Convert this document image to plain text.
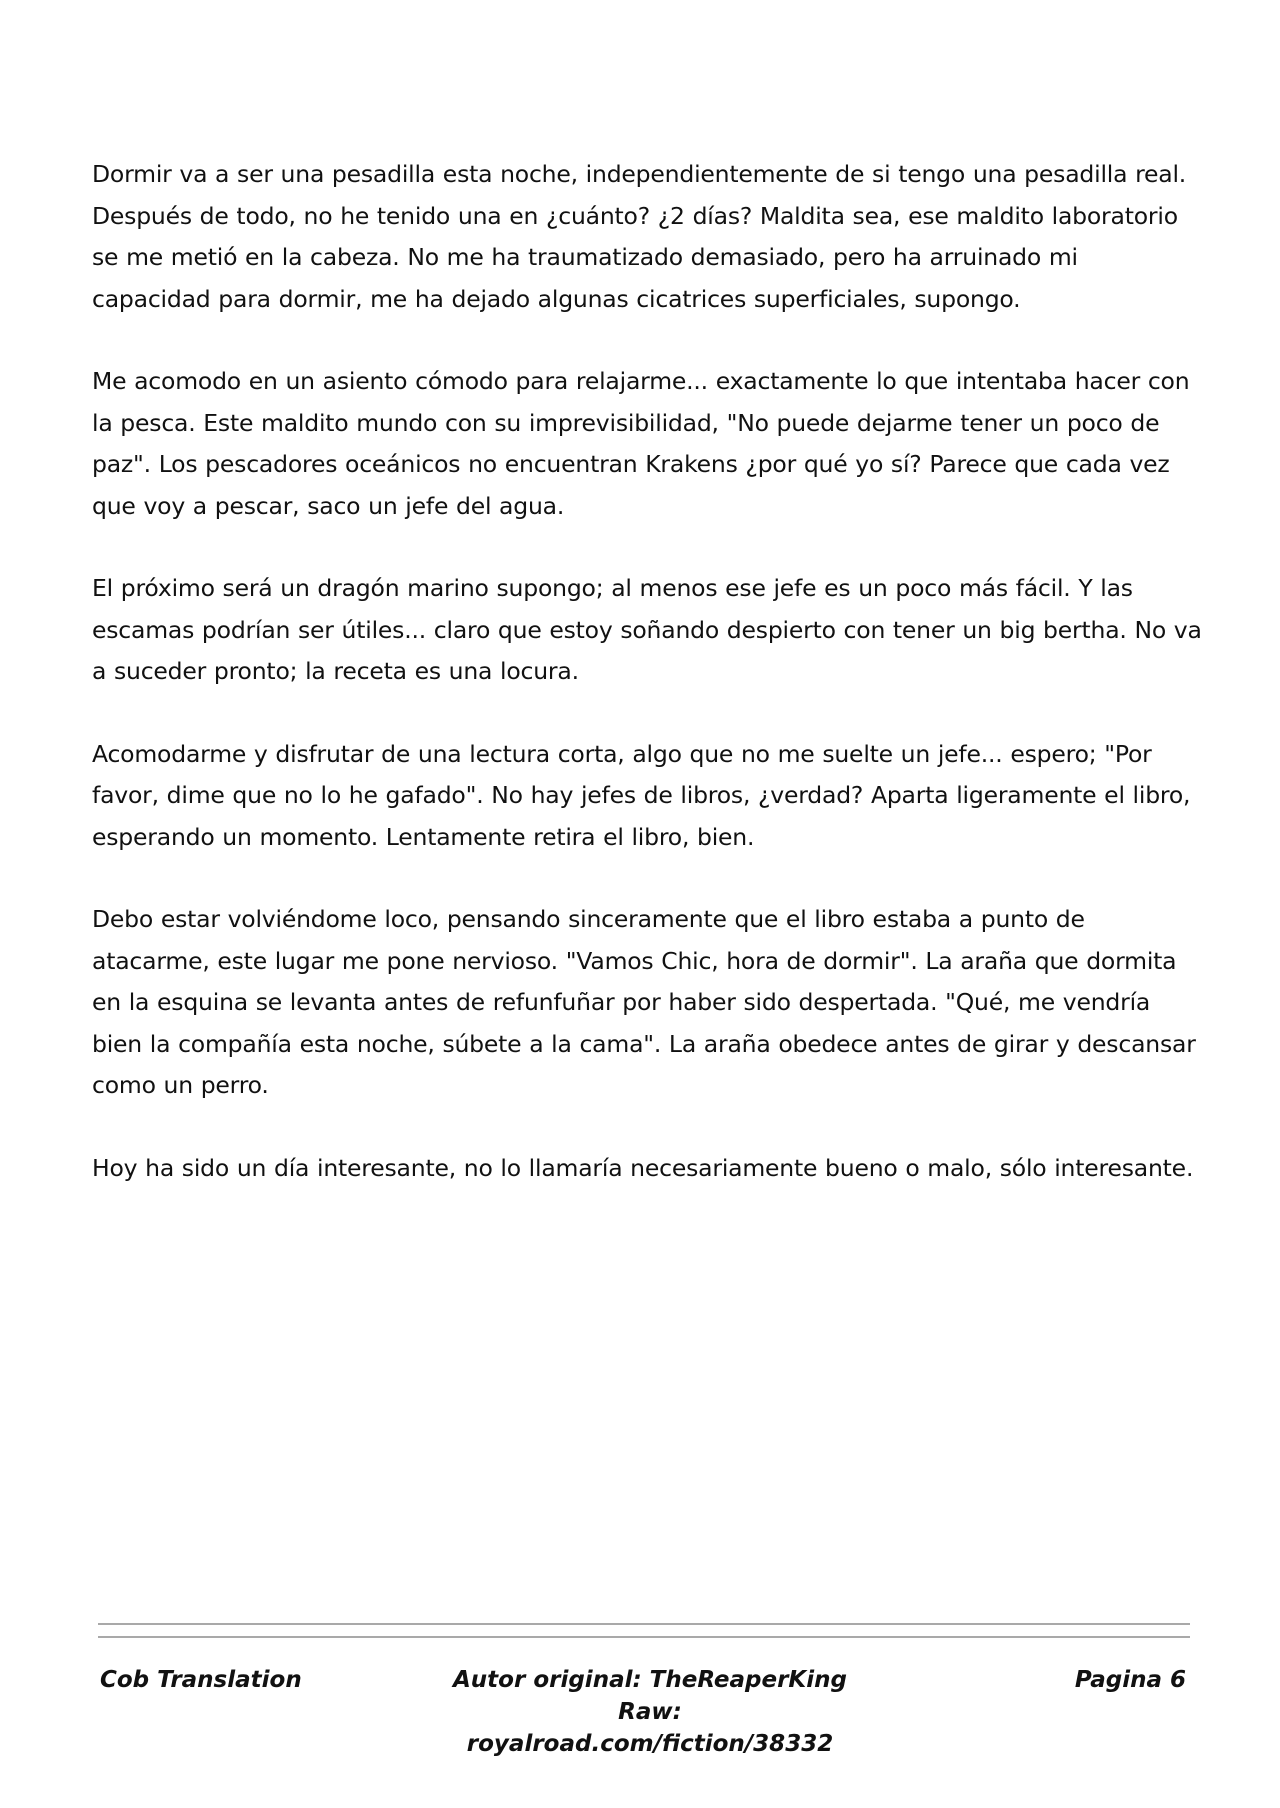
Dormir va a ser una pesadilla esta noche, independientemente de si tengo una pesadilla real. Después de todo, no he tenido una en ¿cuánto? ¿2 días? Maldita sea, ese maldito laboratorio se me metió en la cabeza. No me ha traumatizado demasiado, pero ha arruinado mi capacidad para dormir, me ha dejado algunas cicatrices superficiales, supongo.

Me acomodo en un asiento cómodo para relajarme... exactamente lo que intentaba hacer con la pesca. Este maldito mundo con su imprevisibilidad, "No puede dejarme tener un poco de paz". Los pescadores oceánicos no encuentran Krakens ¿por qué yo sí? Parece que cada vez que voy a pescar, saco un jefe del agua.

El próximo será un dragón marino supongo; al menos ese jefe es un poco más fácil. Y las escamas podrían ser útiles... claro que estoy soñando despierto con tener un big bertha. No va a suceder pronto; la receta es una locura.

Acomodarme y disfrutar de una lectura corta, algo que no me suelte un jefe... espero; "Por favor, dime que no lo he gafado". No hay jefes de libros, ¿verdad? Aparta ligeramente el libro, esperando un momento. Lentamente retira el libro, bien.

Debo estar volviéndome loco, pensando sinceramente que el libro estaba a punto de atacarme, este lugar me pone nervioso. "Vamos Chic, hora de dormir". La araña que dormita en la esquina se levanta antes de refunfuñar por haber sido despertada. "Qué, me vendría bien la compañía esta noche, súbete a la cama". La araña obedece antes de girar y descansar como un perro.

Hoy ha sido un día interesante, no lo llamaría necesariamente bueno o malo, sólo interesante.

Cob Translation	Autor original: TheReaperKing
Raw: royalroad.com/fiction/38332
Pagina 6
